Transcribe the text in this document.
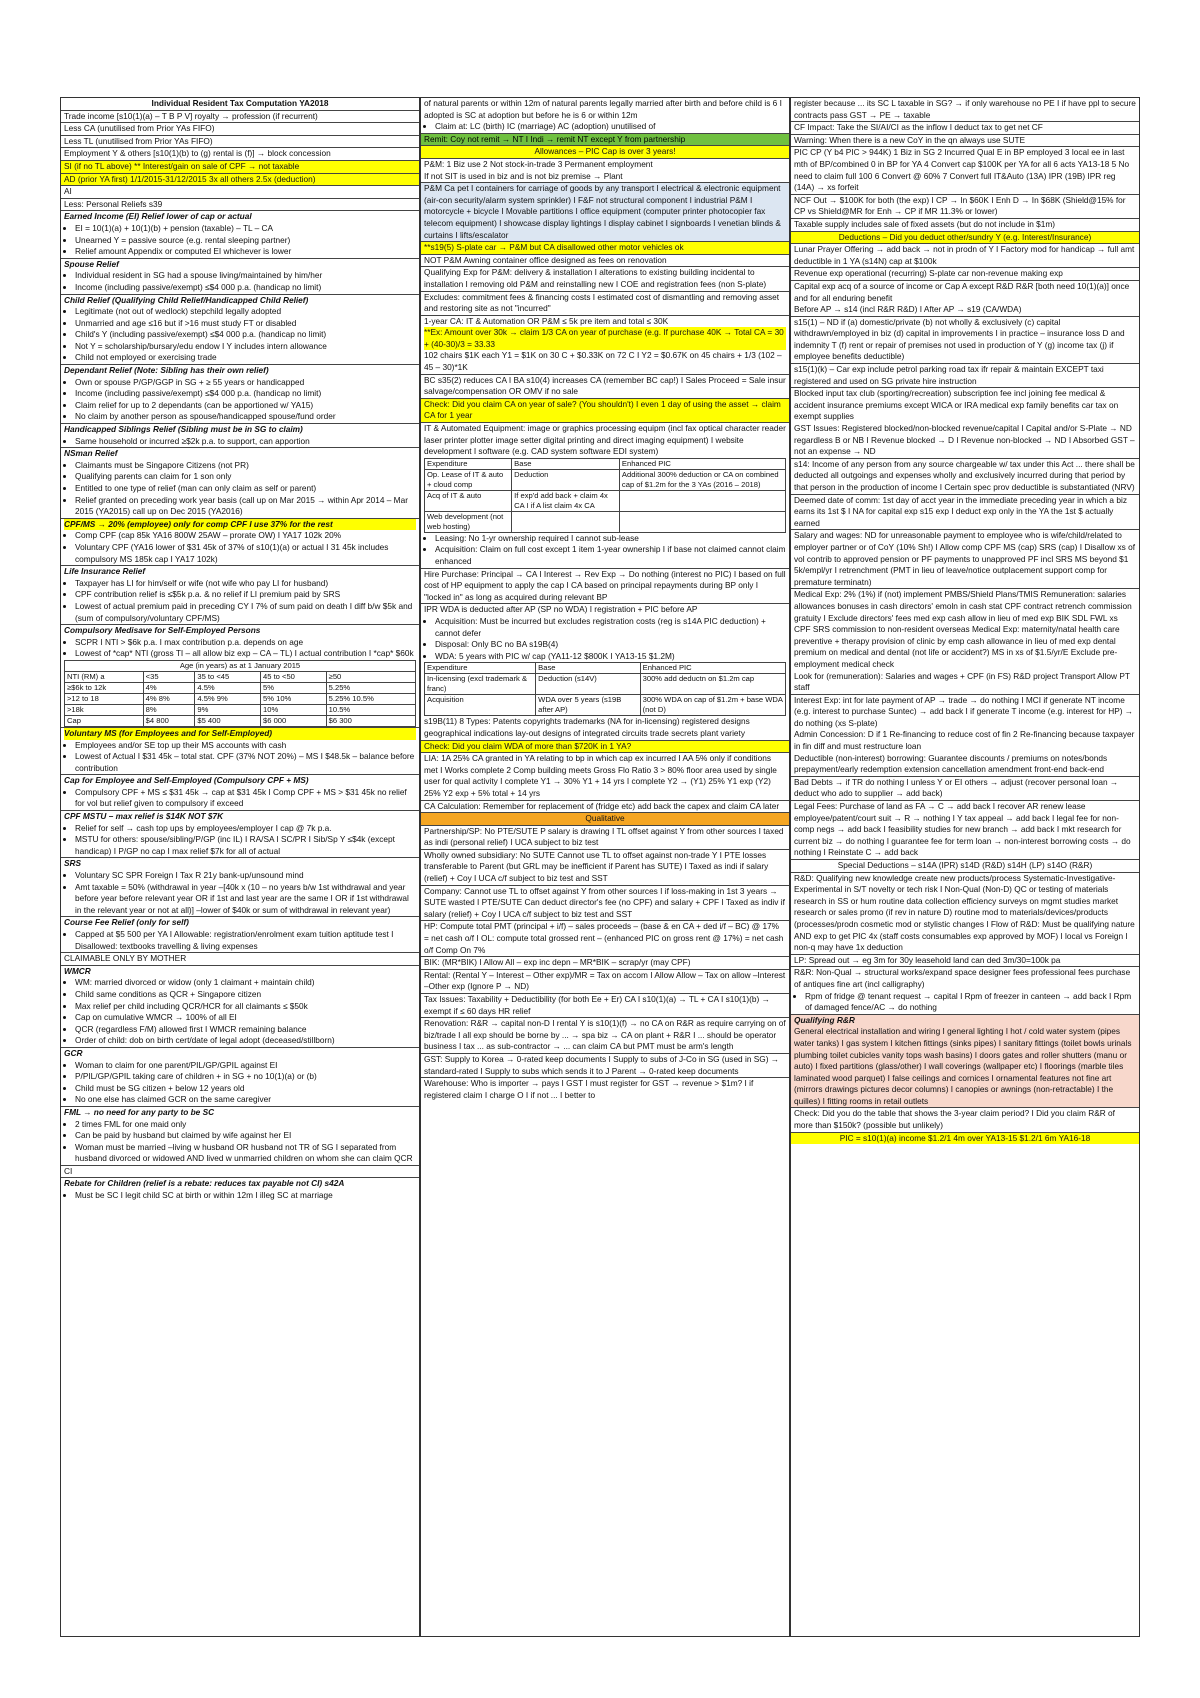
Individual Resident Tax Computation YA2018
Trade income [s10(1)(a) – T B P V] royalty → profession (if recurrent)
Less CA (unutilised from Prior YAs FIFO)
Less TL (unutilised from Prior YAs FIFO)
Employment Y & others [s10(1)(b) to (g) rental is (f)] → block concession
SI (if no TL above) ** Interest/gain on sale of CPF → not taxable
AD (prior YA first) 1/1/2015-31/12/2015 3x all others 2.5x (deduction)
AI
Less: Personal Reliefs s39
Earned Income (EI) Relief lower of cap or actual
• EI = 10(1)(a) + 10(1)(b) + pension (taxable) – TL – CA
• Unearned Y = passive source (e.g. rental sleeping partner)
• Relief amount Appendix or computed EI whichever is lower
Spouse Relief
• Individual resident in SG had a spouse living/maintained by him/her
• Income (including passive/exempt) ≤$4 000 p.a. (handicap no limit)
Child Relief (Qualifying Child Relief/Handicapped Child Relief)
• Legitimate (not out of wedlock) stepchild legally adopted
• Unmarried and age ≤16 but if >16 must study FT or disabled
• Child's Y (including passive/exempt) ≤$4 000 p.a. (handicap no limit)
• Not Y = scholarship/bursary/edu endow I Y includes intern allowance
• Child not employed or exercising trade
Dependant Relief (Note: Sibling has their own relief)
• Own or spouse P/GP/GGP in SG + ≥ 55 years or handicapped
• Income (including passive/exempt) ≤$4 000 p.a. (handicap no limit)
• Claim relief for up to 2 dependants (can be apportioned w/ YA15)
• No claim by another person as spouse/handicapped spouse/fund order
Handicapped Siblings Relief (Sibling must be in SG to claim)
• Same household or incurred ≥$2k p.a. to support, can apportion
NSman Relief
• Claimants must be Singapore Citizens (not PR)
• Qualifying parents can claim for 1 son only
• Entitled to one type of relief (man can only claim as self or parent)
• Relief granted on preceding work year basis (call up on Mar 2015 → within Apr 2014 – Mar 2015 (YA2015) call up on Dec 2015 (YA2016)
CPF/MS → 20% (employee) only for comp CPF I use 37% for the rest
• Comp CPF (cap 85k YA16 800W 25AW – prorate OW) I YA17 102k 20%
• Voluntary CPF (YA16 lower of $31 45k of 37% of s10(1)(a) or actual I 31 45k includes compulsory MS 185k cap I YA17 102k)
Life Insurance Relief
• Taxpayer has LI for him/self or wife (not wife who pay LI for husband)
• CPF contribution relief is ≤$5k p.a. & no relief if LI premium paid by SRS
• Lowest of actual premium paid in preceding CY I 7% of sum paid on death I diff b/w $5k and (sum of compulsory/voluntary CPF/MS)
Compulsory Medisave for Self-Employed Persons
• SCPR I NTI > $6k p.a. I max contribution p.a. depends on age
• Lowest of *cap* NTI (gross TI – all allow biz exp – CA – TL) I actual contribution I *cap* $60k
Age (in years) as at 1 January 2015				
NTI (RM) a	<35	35 to <45	45 to <50	≥50
≥$6k to 12k	4%	4.5%	5%	5.25%
>12 to 18	4% 8%	4.5% 9%	5% 10%	5.25% 10.5%
>18k	8%	9%	10%	10.5%
Cap	$4 800	$5 400	$6 000	$6 300
Voluntary MS (for Employees and for Self-Employed)
• Employees and/or SE top up their MS accounts with cash
• Lowest of Actual I $31 45k – total stat. CPF (37% NOT 20%) – MS I $48.5k – balance before contribution
Cap for Employee and Self-Employed (Compulsory CPF + MS)
• Compulsory CPF + MS ≤ $31 45k → cap at $31 45k I Comp CPF + MS > $31 45k no relief for vol but relief given to compulsory if exceed
CPF MSTU – max relief is $14K NOT $7K
• Relief for self → cash top ups by employees/employer I cap @ 7k p.a.
• MSTU for others: spouse/sibling/P/GP (inc IL) I RA/SA I SC/PR I Sib/Sp Y ≤$4k (except handicap) I P/GP no cap I max relief $7k for all of actual
SRS
• Voluntary SC SPR Foreign I Tax R 21y bank-up/unsound mind
• Amt taxable = 50% (withdrawal in year –[40k x (10 – no years b/w 1st withdrawal and year before year before relevant year OR if 1st and last year are the same I OR if 1st withdrawal in the relevant year or not at all)] –lower of $40k or sum of withdrawal in relevant year)
Course Fee Relief (only for self)
• Capped at $5 500 per YA I Allowable: registration/enrolment exam tuition aptitude test I Disallowed: textbooks travelling & living expenses
CLAIMABLE ONLY BY MOTHER
WMCR
• WM: married divorced or widow (only 1 claimant + maintain child)
• Child same conditions as QCR + Singapore citizen
• Max relief per child including QCR/HCR for all claimants ≤ $50k
• Cap on cumulative WMCR → 100% of all EI
• QCR (regardless F/M) allowed first I WMCR remaining balance
• Order of child: dob on birth cert/date of legal adopt (deceased/stillborn)
GCR
• Woman to claim for one parent/PIL/GP/GPIL against EI
• P/PIL/GP/GPIL taking care of children + in SG + no 10(1)(a) or (b)
• Child must be SG citizen + below 12 years old
• No one else has claimed GCR on the same caregiver
FML → no need for any party to be SC
• 2 times FML for one maid only
• Can be paid by husband but claimed by wife against her EI
• Woman must be married –living w husband OR husband not TR of SG I separated from husband divorced or widowed AND lived w unmarried children on whom she can claim QCR
CI
Rebate for Children (relief is a rebate: reduces tax payable not CI) s42A
• Must be SC I legit child SC at birth or within 12m I illeg SC at marriage

of natural parents or within 12m of natural parents legally married after birth and before child is 6 I adopted is SC at adoption but before he is 6 or within 12m

• Claim at: LC (birth) IC (marriage) AC (adoption) unutilised of
Remit: Coy not remit → NT I Indi → remit NT except Y from partnership
Allowances – PIC Cap is over 3 years!
P&M: 1 Biz use 2 Not stock-in-trade 3 Permanent employment
If not SIT is used in biz and is not biz premise → Plant
P&M Ca pet I containers for carriage of goods by any transport I electrical & electronic equipment (air-con security/alarm system sprinkler) I F&F not structural component I industrial P&M I motorcycle + bicycle I Movable partitions I office equipment (computer printer photocopier fax telecom equipment) I showcase display lightings I display cabinet I signboards I venetian blinds & curtains I lifts/escalator
**s19(5) S-plate car → P&M but CA disallowed other motor vehicles ok
NOT P&M Awning container office designed as fees on renovation
Qualifying Exp for P&M: delivery & installation I alterations to existing building incidental to installation I removing old P&M and reinstalling new I COE and registration fees (non S-plate)
Excludes: commitment fees & financing costs I estimated cost of dismantling and removing asset and restoring site as not "incurred"
1-year CA: IT & Automation OR P&M ≤ 5k pre item and total ≤ 30K
**Ex: Amount over 30k → claim 1/3 CA on year of purchase (e.g. If purchase 40K → Total CA = 30 + (40-30)/3 = 33.33
102 chairs $1K each Y1 = $1K on 30 C + $0.33K on 72 C I Y2 = $0.67K on 45 chairs + 1/3 (102 – 45 – 30)*1K
BC s35(2) reduces CA I BA s10(4) increases CA (remember BC cap!) I Sales Proceed = Sale insur salvage/compensation OR OMV if no sale
Check: Did you claim CA on year of sale? (You shouldn't) I even 1 day of using the asset → claim CA for 1 year
IT & Automated Equipment: image or graphics processing equipm (incl fax optical character reader laser printer plotter image setter digital printing and direct imaging equipment) I website development I software (e.g. CAD system software EDI system)
Expenditure	Base	Enhanced PIC
Op. Lease of IT & auto + cloud comp	Deduction	Additional 300% deduction or CA on combined cap of $1.2m for the 3 YAs (2016 – 2018)
Acq of IT & auto	If exp'd add back + claim 4x CA I if A list claim 4x CA	
Web development (not web hosting)		
• Leasing: No 1-yr ownership required I cannot sub-lease
• Acquisition: Claim on full cost except 1 item 1-year ownership I if base not claimed cannot claim enhanced
Hire Purchase: Principal → CA I Interest → Rev Exp → Do nothing (interest no PIC) I based on full cost of HP equipment to apply the cap I CA based on principal repayments during BP only I "locked in" as long as acquired during relevant BP
IPR WDA is deducted after AP (SP no WDA) I registration + PIC before AP
• Acquisition: Must be incurred but excludes registration costs (reg is s14A PIC deduction) + cannot defer
• Disposal: Only BC no BA s19B(4)
• WDA: 5 years with PIC w/ cap (YA11-12 $800K I YA13-15 $1.2M)
Expenditure	Base	Enhanced PIC
In-licensing (excl trademark & franc)	Deduction (s14V)	300% add deductn on $1.2m cap
Acquisition	WDA over 5 years (s19B after AP)	300% WDA on cap of $1.2m + base WDA (not D)
s19B(11) 8 Types: Patents copyrights trademarks (NA for in-licensing) registered designs geographical indications lay-out designs of integrated circuits trade secrets plant variety
Check: Did you claim WDA of more than $720K in 1 YA?
LIA: 1A 25% CA granted in YA relating to bp in which cap ex incurred I AA 5% only if conditions met I Works complete 2 Comp building meets Gross Flo Ratio 3 > 80% floor area used by single user for qual activity I complete Y1 → 30% Y1 + 14 yrs I complete Y2 → (Y1) 25% Y1 exp (Y2) 25% Y2 exp + 5% total + 14 yrs
CA Calculation: Remember for replacement of (fridge etc) add back the capex and claim CA later
Qualitative
Partnership/SP: No PTE/SUTE P salary is drawing I TL offset against Y from other sources I taxed as indi (personal relief) I UCA subject to biz test
Wholly owned subsidiary: No SUTE Cannot use TL to offset against non-trade Y I PTE losses transferable to Parent (but GRL may be inefficient if Parent has SUTE) I Taxed as indi if salary (relief) + Coy I UCA c/f subject to biz test and SST
Company: Cannot use TL to offset against Y from other sources I if loss-making in 1st 3 years → SUTE wasted I PTE/SUTE Can deduct director's fee (no CPF) and salary + CPF I Taxed as indiv if salary (relief) + Coy I UCA c/f subject to biz test and SST
HP: Compute total PMT (principal + i/f) – sales proceeds – (base & en CA + ded i/f – BC) @ 17% = net cash o/f I OL: compute total grossed rent – (enhanced PIC on gross rent @ 17%) = net cash o/f Comp On 7%
BIK: (MR*BIK) I Allow All – exp inc depn – MR*BIK – scrap/yr (may CPF)
Rental: (Rental Y – Interest – Other exp)/MR = Tax on accom I Allow Allow – Tax on allow –Interest –Other exp (Ignore P → ND)
Tax Issues: Taxability + Deductibility (for both Ee + Er) CA I s10(1)(a) → TL + CA I s10(1)(b) → exempt if ≤ 60 days HR relief
Renovation: R&R → capital non-D I rental Y is s10(1)(f) → no CA on R&R as require carrying on of biz/trade I all exp should be borne by ... → spa biz → CA on plant + R&R I ... should be operator business I tax ... as sub-contractor → ... can claim CA but PMT must be arm's length
GST: Supply to Korea → 0-rated keep documents I Supply to subs of J-Co in SG (used in SG) → standard-rated I Supply to subs which sends it to J Parent → 0-rated keep documents
Warehouse: Who is importer → pays I GST I must register for GST → revenue > $1m? I if registered claim I charge O I if not ... I better to
register because ... its SC L taxable in SG? → if only warehouse no PE I if have ppl to secure contracts pass GST → PE → taxable
CF Impact: Take the SI/AI/CI as the inflow I deduct tax to get net CF
Warning: When there is a new CoY in the qn always use SUTE
PIC CP (Y b4 PIC > 944K) 1 Biz in SG 2 Incurred Qual E in BP employed 3 local ee in last mth of BP/combined 0 in BP for YA 4 Convert cap $100K per YA for all 6 acts YA13-18 5 No need to claim full 100 6 Convert @ 60% 7 Convert full IT&Auto (13A) IPR (19B) IPR reg (14A) → xs forfeit
NCF Out → $100K for both (the exp) I CP → In $60K I Enh D → In $68K (Shield@15% for CP vs Shield@MR for Enh → CP if MR 11.3% or lower)
Taxable supply includes sale of fixed assets (but do not include in $1m)
Deductions – Did you deduct other/sundry Y (e.g. Interest/Insurance)
Lunar Prayer Offering → add back → not in prodn of Y I Factory mod for handicap → full amt deductible in 1 YA (s14N) cap at $100k
Revenue exp operational (recurring) S-plate car non-revenue making exp
Capital exp acq of a source of income or Cap A except R&D R&R [both need 10(1)(a)] once and for all enduring benefit
Before AP → s14 (incl R&R R&D) I After AP → s19 (CA/WDA)
s15(1) – ND if (a) domestic/private (b) not wholly & exclusively (c) capital withdrawn/employed in biz (d) capital in improvements I in practice – insurance loss D and indemnity T (f) rent or repair of premises not used in production of Y (g) income tax (j) if employee benefits deductible)
s15(1)(k) – Car exp include petrol parking road tax ifr repair & maintain EXCEPT taxi registered and used on SG private hire instruction
Blocked input tax club (sporting/recreation) subscription fee incl joining fee medical & accident insurance premiums except WICA or IRA medical exp family benefits car tax on exempt supplies
GST Issues: Registered blocked/non-blocked revenue/capital I Capital and/or S-Plate → ND regardless B or NB I Revenue blocked → D I Revenue non-blocked → ND I Absorbed GST – not an expense → ND
s14: Income of any person from any source chargeable w/ tax under this Act ... there shall be deducted all outgoings and expenses wholly and exclusively incurred during that period by that person in the production of income I Certain spec prov deductible is substantiated (NRV)
Deemed date of comm: 1st day of acct year in the immediate preceding year in which a biz earns its 1st $ I NA for capital exp s15 exp I deduct exp only in the YA the 1st $ actually earned
Salary and wages: ND for unreasonable payment to employee who is wife/child/related to employer partner or of CoY (10% Sh!) I Allow comp CPF MS (cap) SRS (cap) I Disallow xs of vol contrib to approved pension or PF payments to unapproved PF incl SRS MS beyond $1 5k/empl/yr I retrenchment (PMT in lieu of leave/notice outplacement support comp for premature terminatn)
Medical Exp: 2% (1%) if (not) implement PMBS/Shield Plans/TMIS Remuneration: salaries allowances bonuses in cash directors' emoln in cash stat CPF contract retrench commission gratuity I Exclude directors' fees med exp cash allow in lieu of med exp BIK SDL FWL xs CPF SRS commission to non-resident overseas Medical Exp: maternity/natal health care preventive + therapy provision of clinic by emp cash allowance in lieu of med exp dental premium on medical and dental (not life or accident?) MS in xs of $1.5/yr/E Exclude pre-employment medical check
Look for (remuneration): Salaries and wages + CPF (in FS) R&D project Transport Allow PT staff
Interest Exp: int for late payment of AP → trade → do nothing I MCI if generate NT income (e.g. interest to purchase Suntec) → add back I if generate T income (e.g. interest for HP) → do nothing (xs S-plate)
Admin Concession: D if 1 Re-financing to reduce cost of fin 2 Re-financing because taxpayer in fin diff and must restructure loan
Deductible (non-interest) borrowing: Guarantee discounts / premiums on notes/bonds prepayment/early redemption extension cancellation amendment front-end back-end
Bad Debts → if TR do nothing I unless Y or EI others → adjust (recover personal loan → deduct who ado to supplier → add back)
Legal Fees: Purchase of land as FA → C → add back I recover AR renew lease employee/patent/court suit → R → nothing I Y tax appeal → add back I legal fee for non-comp negs → add back I feasibility studies for new branch → add back I mkt research for current biz → do nothing I guarantee fee for term loan → non-interest borrowing costs → do nothing I Reinstate C → add back
Special Deductions – s14A (IPR) s14D (R&D) s14H (LP) s14O (R&R)
R&D: Qualifying new knowledge create new products/process Systematic-Investigative-Experimental in S/T novelty or tech risk I Non-Qual (Non-D) QC or testing of materials research in SS or hum routine data collection efficiency surveys on mgmt studies market research or sales promo (if rev in nature D) routine mod to materials/devices/products (processes/prodn cosmetic mod or stylistic changes I Flow of R&D: Must be qualifying nature AND exp to get PIC 4x (staff costs consumables exp approved by MOF) I local vs Foreign I non-q may have 1x deduction
LP: Spread out → eg 3m for 30y leasehold land can ded 3m/30=100k pa
R&R: Non-Qual → structural works/expand space designer fees professional fees purchase of antiques fine art (incl calligraphy)
• Rpm of fridge @ tenant request → capital I Rpm of freezer in canteen → add back I Rpm of damaged fence/AC → do nothing
Qualifying R&R
General electrical installation and wiring I general lighting I hot / cold water system (pipes water tanks) I gas system I kitchen fittings (sinks pipes) I sanitary fittings (toilet bowls urinals plumbing toilet cubicles vanity tops wash basins) I doors gates and roller shutters (manu or auto) I fixed partitions (glass/other) I wall coverings (wallpaper etc) I floorings (marble tiles laminated wood parquet) I false ceilings and cornices I ornamental features not fine art (mirrors drawings pictures decor columns) I canopies or awnings (non-retractable) I the quilles) I fitting rooms in retail outlets
Check: Did you do the table that shows the 3-year claim period? I Did you claim R&R of more than $150k? (possible but unlikely)
PIC = s10(1)(a) income $1.2/1 4m over YA13-15 $1.2/1 6m YA16-18
